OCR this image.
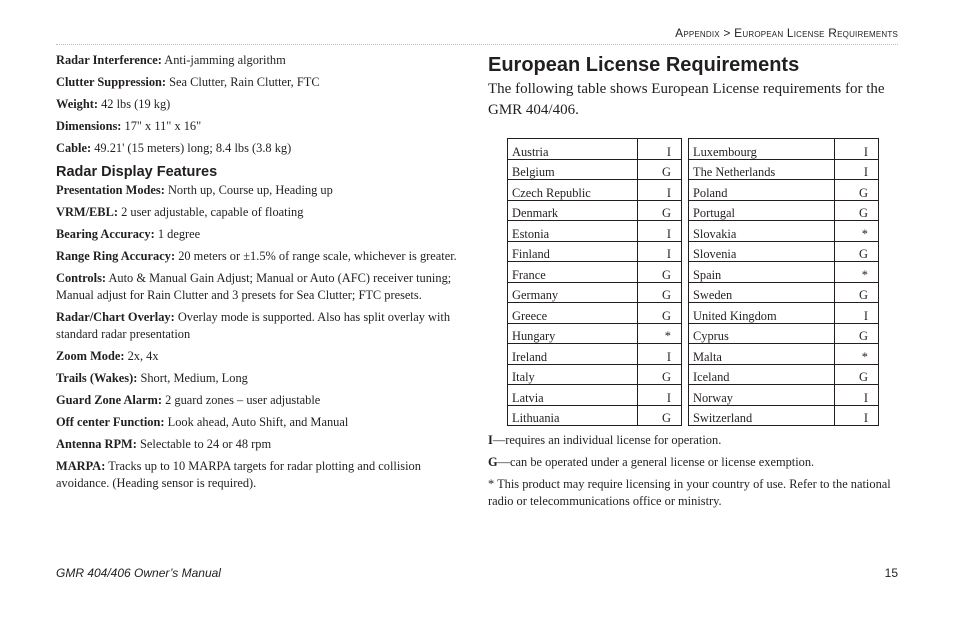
Appendix > European License Requirements
Radar Interference: Anti-jamming algorithm
Clutter Suppression: Sea Clutter, Rain Clutter, FTC
Weight: 42 lbs (19 kg)
Dimensions: 17" x 11" x 16"
Cable: 49.21' (15 meters) long; 8.4 lbs (3.8 kg)
Radar Display Features
Presentation Modes: North up, Course up, Heading up
VRM/EBL: 2 user adjustable, capable of floating
Bearing Accuracy: 1 degree
Range Ring Accuracy: 20 meters or ±1.5% of range scale, whichever is greater.
Controls: Auto & Manual Gain Adjust; Manual or Auto (AFC) receiver tuning; Manual adjust for Rain Clutter and 3 presets for Sea Clutter; FTC presets.
Radar/Chart Overlay: Overlay mode is supported. Also has split overlay with standard radar presentation
Zoom Mode: 2x, 4x
Trails (Wakes): Short, Medium, Long
Guard Zone Alarm: 2 guard zones – user adjustable
Off center Function: Look ahead, Auto Shift, and Manual
Antenna RPM: Selectable to 24 or 48 rpm
MARPA: Tracks up to 10 MARPA targets for radar plotting and collision avoidance. (Heading sensor is required).
European License Requirements

The following table shows European License requirements for the GMR 404/406.

Austria	I		Luxembourg	I
Belgium	G		The Netherlands	I
Czech Republic	I		Poland	G
Denmark	G		Portugal	G
Estonia	I		Slovakia	*
Finland	I		Slovenia	G
France	G		Spain	*
Germany	G		Sweden	G
Greece	G		United Kingdom	I
Hungary	*		Cyprus	G
Ireland	I		Malta	*
Italy	G		Iceland	G
Latvia	I		Norway	I
Lithuania	G		Switzerland	I
I—requires an individual license for operation.
G—can be operated under a general license or license exemption.
* This product may require licensing in your country of use. Refer to the national radio or telecommunications office or ministry.
GMR 404/406 Owner’s Manual	15
